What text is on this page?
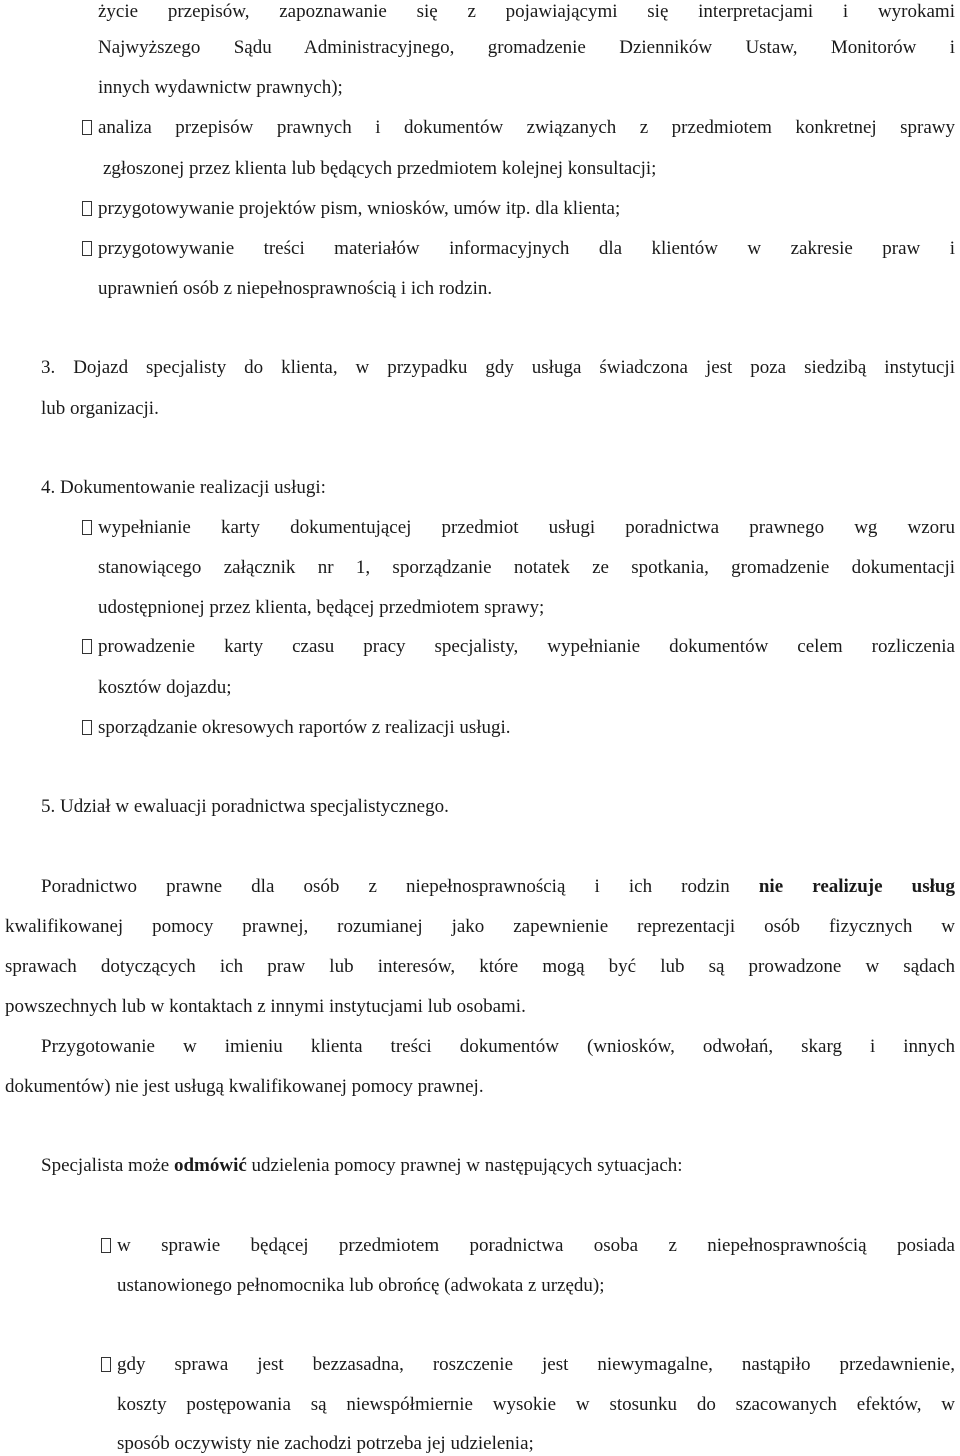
życie przepisów, zapoznawanie się z pojawiającymi się interpretacjami i wyrokami
Najwyższego Sądu Administracyjnego, gromadzenie Dzienników Ustaw, Monitorów i
innych wydawnictw prawnych);
analiza przepisów prawnych i dokumentów związanych z przedmiotem konkretnej sprawy
zgłoszonej przez klienta lub będących przedmiotem kolejnej konsultacji;
przygotowywanie projektów pism, wniosków, umów itp. dla klienta;
przygotowywanie treści materiałów informacyjnych dla klientów w zakresie praw i
uprawnień osób z niepełnosprawnością i ich rodzin.
3. Dojazd specjalisty do klienta, w przypadku gdy usługa świadczona jest poza siedzibą instytucji
lub organizacji.
4. Dokumentowanie realizacji usługi:
wypełnianie karty dokumentującej przedmiot usługi poradnictwa prawnego wg wzoru
stanowiącego załącznik nr 1, sporządzanie notatek ze spotkania, gromadzenie dokumentacji
udostępnionej przez klienta, będącej przedmiotem sprawy;
prowadzenie karty czasu pracy specjalisty, wypełnianie dokumentów celem rozliczenia
kosztów dojazdu;
sporządzanie okresowych raportów z realizacji usługi.
5. Udział w ewaluacji poradnictwa specjalistycznego.
Poradnictwo prawne dla osób z niepełnosprawnością i ich rodzin nie realizuje usług
kwalifikowanej pomocy prawnej, rozumianej jako zapewnienie reprezentacji osób fizycznych w
sprawach dotyczących ich praw lub interesów, które mogą być lub są prowadzone w sądach
powszechnych lub w kontaktach z innymi instytucjami lub osobami.
Przygotowanie w imieniu klienta treści dokumentów (wniosków, odwołań, skarg i innych
dokumentów) nie jest usługą kwalifikowanej pomocy prawnej.
Specjalista może odmówić udzielenia pomocy prawnej w następujących sytuacjach:
w sprawie będącej przedmiotem poradnictwa osoba z niepełnosprawnością posiada
ustanowionego pełnomocnika lub obrońcę (adwokata z urzędu);
gdy sprawa jest bezzasadna, roszczenie jest niewymagalne, nastąpiło przedawnienie,
koszty postępowania są niewspółmiernie wysokie w stosunku do szacowanych efektów, w
sposób oczywisty nie zachodzi potrzeba jej udzielenia;
